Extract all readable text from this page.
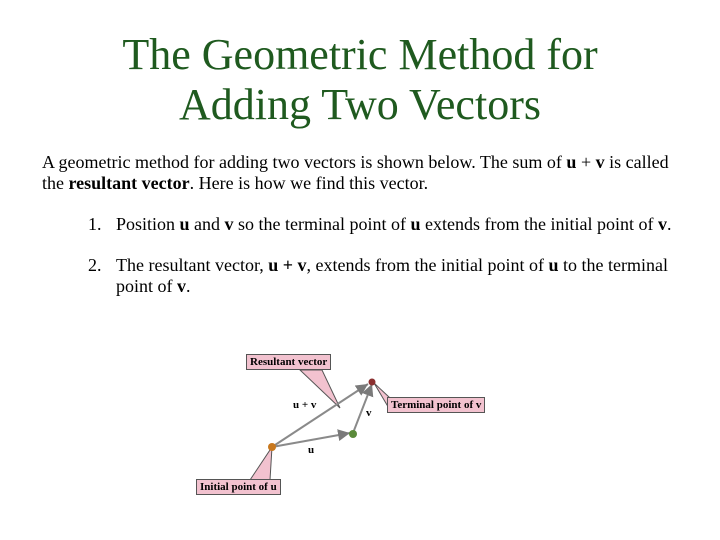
The Geometric Method for
Adding Two Vectors
A geometric method for adding two vectors is shown below. The sum of u + v is called the resultant vector. Here is how we find this vector.
1. Position u and v so the terminal point of u extends from the initial point of v.
2. The resultant vector, u + v, extends from the initial point of u to the terminal point of v.
Resultant vector
Terminal point of v
Initial point of u
u + v
u
v
